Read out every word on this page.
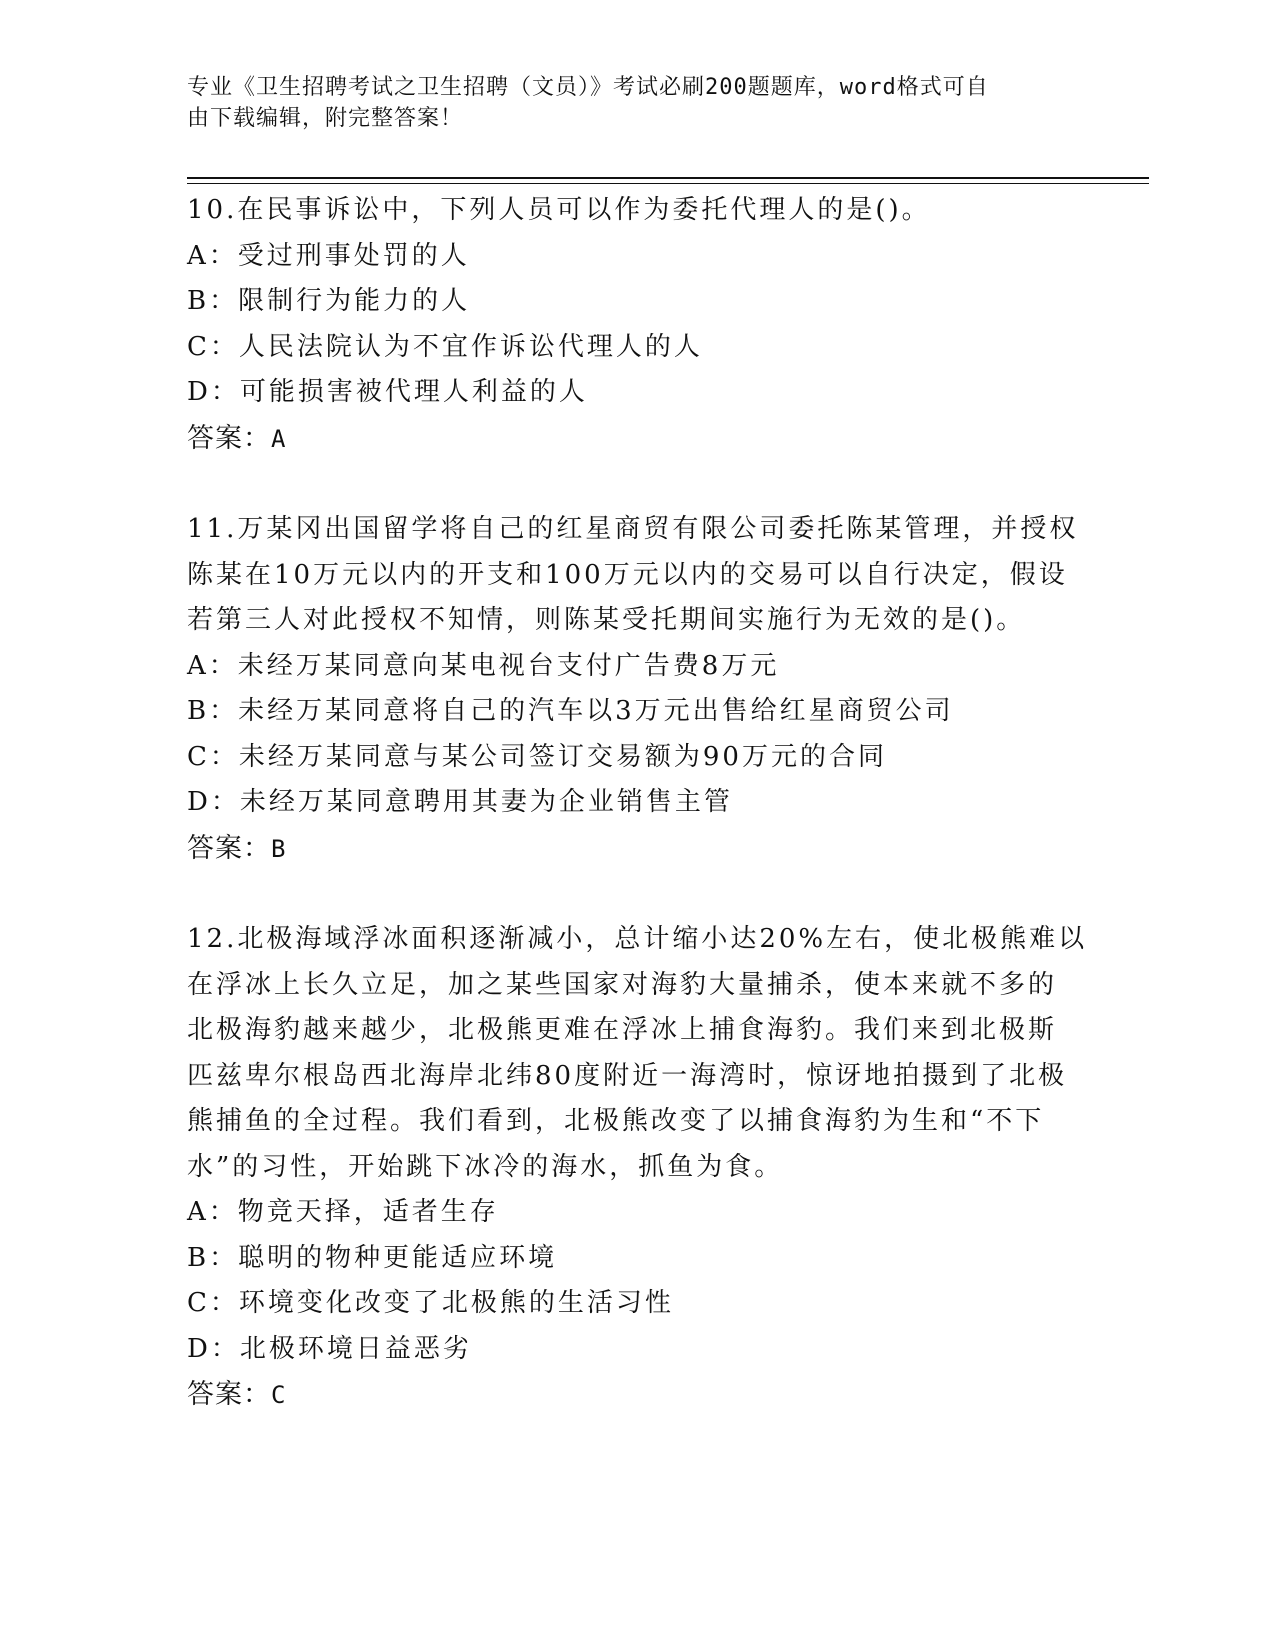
专业《卫生招聘考试之卫生招聘（文员）》考试必刷200题题库，word格式可自
由下载编辑，附完整答案！
10.在民事诉讼中，下列人员可以作为委托代理人的是()。
A：受过刑事处罚的人
B：限制行为能力的人
C：人民法院认为不宜作诉讼代理人的人
D：可能损害被代理人利益的人
答案：A
11.万某冈出国留学将自己的红星商贸有限公司委托陈某管理，并授权
陈某在10万元以内的开支和100万元以内的交易可以自行决定，假设
若第三人对此授权不知情，则陈某受托期间实施行为无效的是()。
A：未经万某同意向某电视台支付广告费8万元
B：未经万某同意将自己的汽车以3万元出售给红星商贸公司
C：未经万某同意与某公司签订交易额为90万元的合同
D：未经万某同意聘用其妻为企业销售主管
答案：B
12.北极海域浮冰面积逐渐减小，总计缩小达20%左右，使北极熊难以
在浮冰上长久立足，加之某些国家对海豹大量捕杀，使本来就不多的
北极海豹越来越少，北极熊更难在浮冰上捕食海豹。我们来到北极斯
匹兹卑尔根岛西北海岸北纬80度附近一海湾时，惊讶地拍摄到了北极
熊捕鱼的全过程。我们看到，北极熊改变了以捕食海豹为生和“不下
水”的习性，开始跳下冰冷的海水，抓鱼为食。
A：物竞天择，适者生存
B：聪明的物种更能适应环境
C：环境变化改变了北极熊的生活习性
D：北极环境日益恶劣
答案：C
